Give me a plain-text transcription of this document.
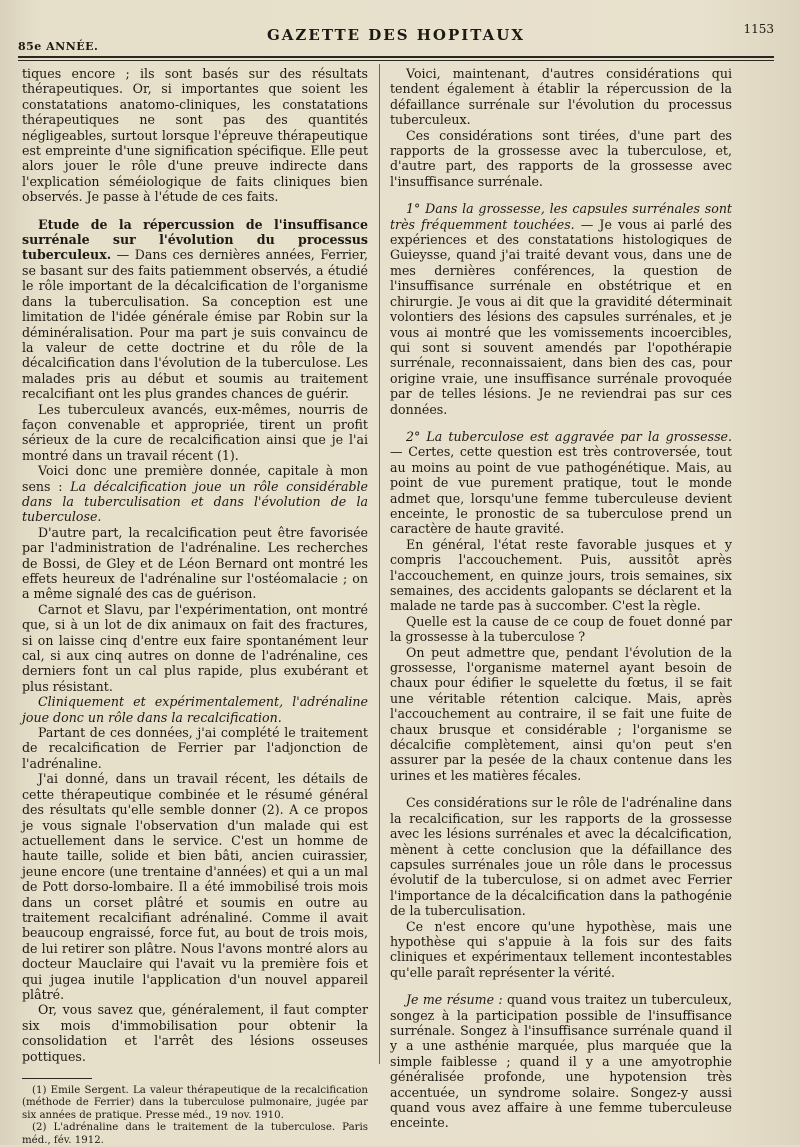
85e ANNÉE.
GAZETTE DES HOPITAUX	1153

tiques encore ; ils sont basés sur des résultats thérapeutiques. Or, si importantes que soient les constatations anatomo-cliniques, les constatations thérapeutiques ne sont pas des quantités négligeables, surtout lorsque l'épreuve thérapeutique est empreinte d'une signification spécifique. Elle peut alors jouer le rôle d'une preuve indirecte dans l'explication séméiologique de faits cliniques bien observés. Je passe à l'étude de ces faits.

Etude de la répercussion de l'insuffisance surrénale sur l'évolution du processus tuberculeux. — Dans ces dernières années, Ferrier, se basant sur des faits patiemment observés, a étudié le rôle important de la décalcification de l'organisme dans la tuberculisation. Sa conception est une limitation de l'idée générale émise par Robin sur la déminéralisation. Pour ma part je suis convaincu de la valeur de cette doctrine et du rôle de la décalcification dans l'évolution de la tuberculose. Les malades pris au début et soumis au traitement recalcifiant ont les plus grandes chances de guérir.

Les tuberculeux avancés, eux-mêmes, nourris de façon convenable et appropriée, tirent un profit sérieux de la cure de recalcification ainsi que je l'ai montré dans un travail récent (1).

Voici donc une première donnée, capitale à mon sens : La décalcification joue un rôle considérable dans la tuberculisation et dans l'évolution de la tuberculose.

D'autre part, la recalcification peut être favorisée par l'administration de l'adrénaline. Les recherches de Bossi, de Gley et de Léon Bernard ont montré les effets heureux de l'adrénaline sur l'ostéomalacie ; on a même signalé des cas de guérison.

Carnot et Slavu, par l'expérimentation, ont montré que, si à un lot de dix animaux on fait des fractures, si on laisse cinq d'entre eux faire spontanément leur cal, si aux cinq autres on donne de l'adrénaline, ces derniers font un cal plus rapide, plus exubérant et plus résistant.

Cliniquement et expérimentalement, l'adrénaline joue donc un rôle dans la recalcification.

Partant de ces données, j'ai complété le traitement de recalcification de Ferrier par l'adjonction de l'adrénaline.

J'ai donné, dans un travail récent, les détails de cette thérapeutique combinée et le résumé général des résultats qu'elle semble donner (2). A ce propos je vous signale l'observation d'un malade qui est actuellement dans le service. C'est un homme de haute taille, solide et bien bâti, ancien cuirassier, jeune encore (une trentaine d'années) et qui a un mal de Pott dorso-lombaire. Il a été immobilisé trois mois dans un corset plâtré et soumis en outre au traitement recalcifiant adrénaliné. Comme il avait beaucoup engraissé, force fut, au bout de trois mois, de lui retirer son plâtre. Nous l'avons montré alors au docteur Mauclaire qui l'avait vu la première fois et qui jugea inutile l'application d'un nouvel appareil plâtré.

Or, vous savez que, généralement, il faut compter six mois d'immobilisation pour obtenir la consolidation et l'arrêt des lésions osseuses pottiques.

(1) Emile Sergent. La valeur thérapeutique de la recalcification (méthode de Ferrier) dans la tuberculose pulmonaire, jugée par six années de pratique. Presse méd., 19 nov. 1910.

(2) L'adrénaline dans le traitement de la tuberculose. Paris méd., fév. 1912.

Voici, maintenant, d'autres considérations qui tendent également à établir la répercussion de la défaillance surrénale sur l'évolution du processus tuberculeux.

Ces considérations sont tirées, d'une part des rapports de la grossesse avec la tuberculose, et, d'autre part, des rapports de la grossesse avec l'insuffisance surrénale.

1° Dans la grossesse, les capsules surrénales sont très fréquemment touchées. — Je vous ai parlé des expériences et des constatations histologiques de Guieysse, quand j'ai traité devant vous, dans une de mes dernières conférences, la question de l'insuffisance surrénale en obstétrique et en chirurgie. Je vous ai dit que la gravidité déterminait volontiers des lésions des capsules surrénales, et je vous ai montré que les vomissements incoercibles, qui sont si souvent amendés par l'opothérapie surrénale, reconnaissaient, dans bien des cas, pour origine vraie, une insuffisance surrénale provoquée par de telles lésions. Je ne reviendrai pas sur ces données.

2° La tuberculose est aggravée par la grossesse. — Certes, cette question est très controversée, tout au moins au point de vue pathogénétique. Mais, au point de vue purement pratique, tout le monde admet que, lorsqu'une femme tuberculeuse devient enceinte, le pronostic de sa tuberculose prend un caractère de haute gravité.

En général, l'état reste favorable jusques et y compris l'accouchement. Puis, aussitôt après l'accouchement, en quinze jours, trois semaines, six semaines, des accidents galopants se déclarent et la malade ne tarde pas à succomber. C'est la règle.

Quelle est la cause de ce coup de fouet donné par la grossesse à la tuberculose ?

On peut admettre que, pendant l'évolution de la grossesse, l'organisme maternel ayant besoin de chaux pour édifier le squelette du fœtus, il se fait une véritable rétention calcique. Mais, après l'accouchement au contraire, il se fait une fuite de chaux brusque et considérable ; l'organisme se décalcifie complètement, ainsi qu'on peut s'en assurer par la pesée de la chaux contenue dans les urines et les matières fécales.

Ces considérations sur le rôle de l'adrénaline dans la recalcification, sur les rapports de la grossesse avec les lésions surrénales et avec la décalcification, mènent à cette conclusion que la défaillance des capsules surrénales joue un rôle dans le processus évolutif de la tuberculose, si on admet avec Ferrier l'importance de la décalcification dans la pathogénie de la tuberculisation.

Ce n'est encore qu'une hypothèse, mais une hypothèse qui s'appuie à la fois sur des faits cliniques et expérimentaux tellement incontestables qu'elle paraît représenter la vérité.

Je me résume : quand vous traitez un tuberculeux, songez à la participation possible de l'insuffisance surrénale. Songez à l'insuffisance surrénale quand il y a une asthénie marquée, plus marquée que la simple faiblesse ; quand il y a une amyotrophie généralisée profonde, une hypotension très accentuée, un syndrome solaire. Songez-y aussi quand vous avez affaire à une femme tuberculeuse enceinte.
